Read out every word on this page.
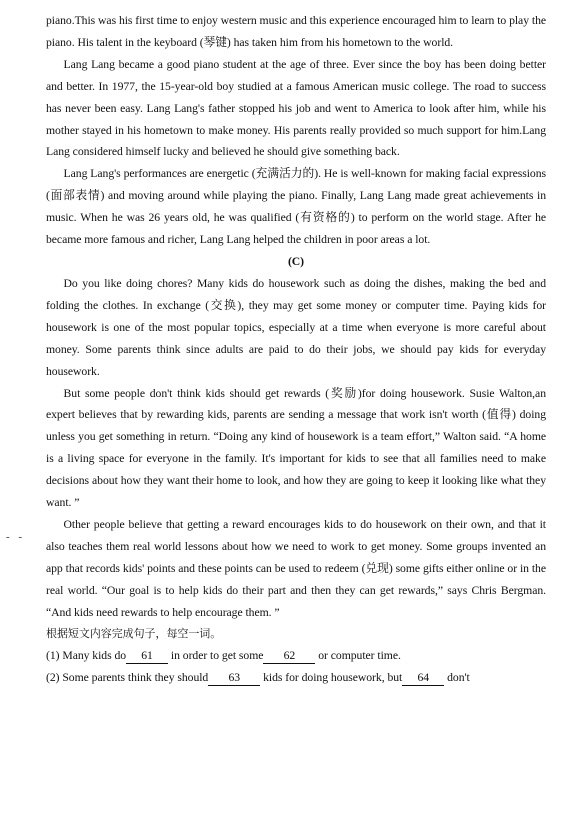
- -

piano.This was his first time to enjoy western music and this experience encouraged him to learn to play the piano. His talent in the keyboard (琴键) has taken him from his hometown to the world.

Lang Lang became a good piano student at the age of three. Ever since the boy has been doing better and better. In 1977, the 15-year-old boy studied at a famous American music college. The road to success has never been easy. Lang Lang's father stopped his job and went to America to look after him, while his mother stayed in his hometown to make money. His parents really provided so much support for him.Lang Lang considered himself lucky and believed he should give something back.

Lang Lang's performances are energetic (充满活力的). He is well-known for making facial expressions (面部表情) and moving around while playing the piano. Finally, Lang Lang made great achievements in music. When he was 26 years old, he was qualified (有资格的) to perform on the world stage. After he became more famous and richer, Lang Lang helped the children in poor areas a lot.

(C)

Do you like doing chores? Many kids do housework such as doing the dishes, making the bed and folding the clothes. In exchange (交换), they may get some money or computer time. Paying kids for housework is one of the most popular topics, especially at a time when everyone is more careful about money. Some parents think since adults are paid to do their jobs, we should pay kids for everyday housework.

But some people don't think kids should get rewards (奖励)for doing housework. Susie Walton,an expert believes that by rewarding kids, parents are sending a message that work isn't worth (值得) doing unless you get something in return. “Doing any kind of housework is a team effort,” Walton said. “A home is a living space for everyone in the family. It's important for kids to see that all families need to make decisions about how they want their home to look, and how they are going to keep it looking like what they want. ”

Other people believe that getting a reward encourages kids to do housework on their own, and that it also teaches them real world lessons about how we need to work to get money. Some groups invented an app that records kids' points and these points can be used to redeem (兑现) some gifts either online or in the real world. “Our goal is to help kids do their part and then they can get rewards,” says Chris Bergman. “And kids need rewards to help encourage them. ”

根据短文内容完成句子，每空一词。

(1) Many kids do 61 in order to get some 62 or computer time.

(2) Some parents think they should 63 kids for doing housework, but 64 don't
